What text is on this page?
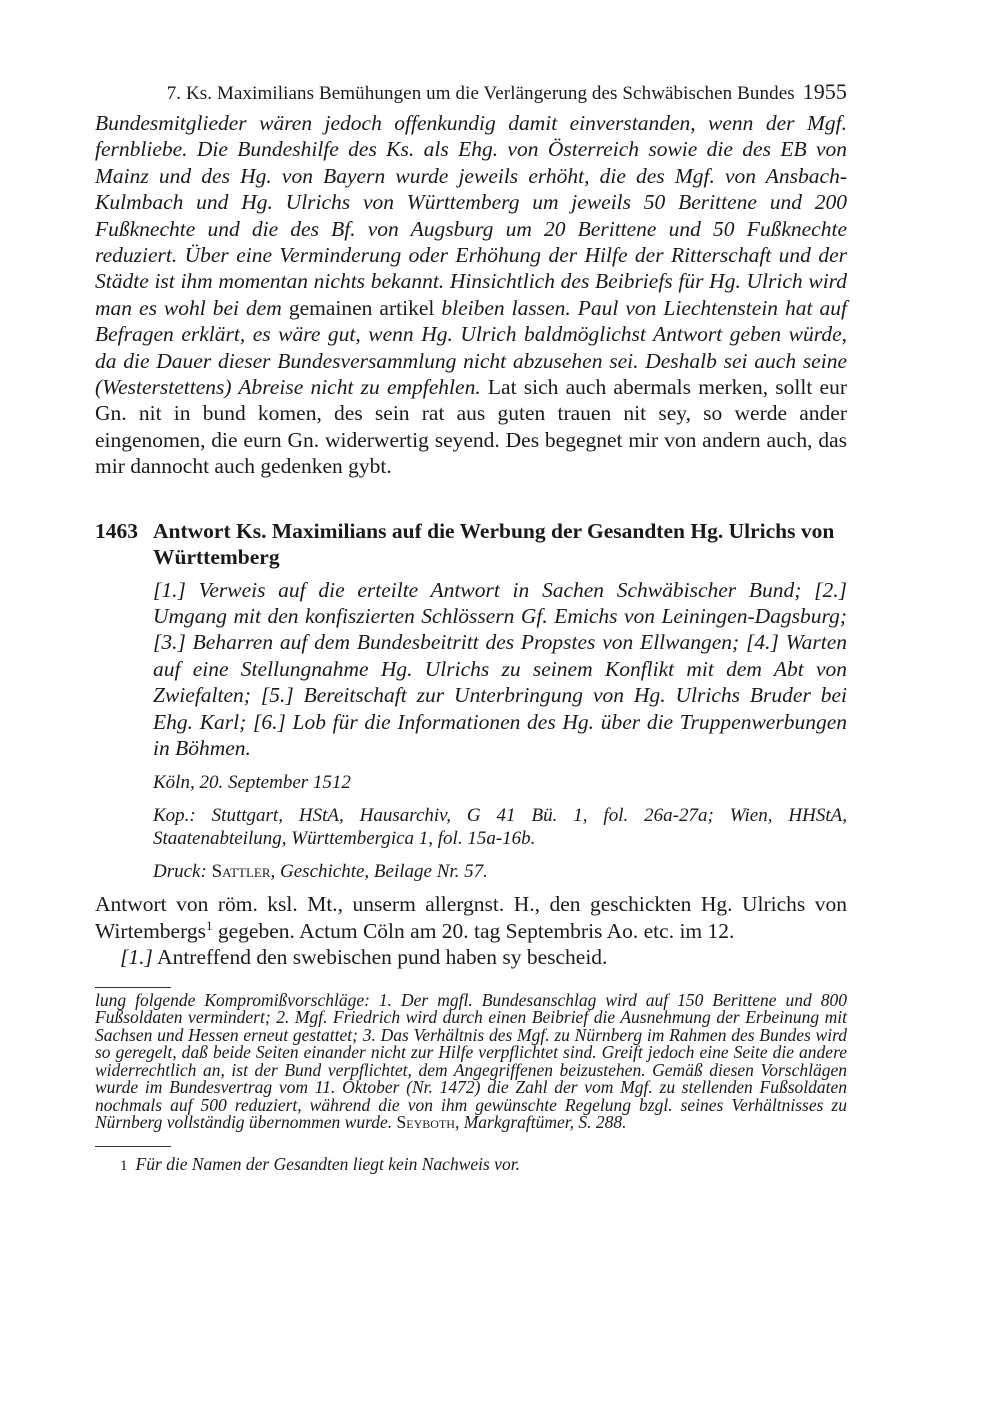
7. Ks. Maximilians Bemühungen um die Verlängerung des Schwäbischen Bundes 1955

Bundesmitglieder wären jedoch offenkundig damit einverstanden, wenn der Mgf. fernbliebe. Die Bundeshilfe des Ks. als Ehg. von Österreich sowie die des EB von Mainz und des Hg. von Bayern wurde jeweils erhöht, die des Mgf. von Ansbach-Kulmbach und Hg. Ulrichs von Württemberg um jeweils 50 Berittene und 200 Fußknechte und die des Bf. von Augsburg um 20 Berittene und 50 Fußknechte reduziert. Über eine Verminderung oder Erhöhung der Hilfe der Ritterschaft und der Städte ist ihm momentan nichts bekannt. Hinsichtlich des Beibriefs für Hg. Ulrich wird man es wohl bei dem gemainen artikel bleiben lassen. Paul von Liechtenstein hat auf Befragen erklärt, es wäre gut, wenn Hg. Ulrich baldmöglichst Antwort geben würde, da die Dauer dieser Bundesversammlung nicht abzusehen sei. Deshalb sei auch seine (Westerstettens) Abreise nicht zu empfehlen. Lat sich auch abermals merken, sollt eur Gn. nit in bund komen, des sein rat aus guten trauen nit sey, so werde ander eingenomen, die eurn Gn. widerwertig seyend. Des begegnet mir von andern auch, das mir dannocht auch gedenken gybt.

1463 Antwort Ks. Maximilians auf die Werbung der Gesandten Hg. Ulrichs von Württemberg

[1.] Verweis auf die erteilte Antwort in Sachen Schwäbischer Bund; [2.] Umgang mit den konfiszierten Schlössern Gf. Emichs von Leiningen-Dagsburg; [3.] Beharren auf dem Bundesbeitritt des Propstes von Ellwangen; [4.] Warten auf eine Stellungnahme Hg. Ulrichs zu seinem Konflikt mit dem Abt von Zwiefalten; [5.] Bereitschaft zur Unterbringung von Hg. Ulrichs Bruder bei Ehg. Karl; [6.] Lob für die Informationen des Hg. über die Truppenwerbungen in Böhmen.

Köln, 20. September 1512

Kop.: Stuttgart, HStA, Hausarchiv, G 41 Bü. 1, fol. 26a-27a; Wien, HHStA, Staatenabteilung, Württembergica 1, fol. 15a-16b.

Druck: Sattler, Geschichte, Beilage Nr. 57.

Antwort von röm. ksl. Mt., unserm allergnst. H., den geschickten Hg. Ulrichs von Wirtembergs$^1$ gegeben. Actum Cöln am 20. tag Septembris Ao. etc. im 12.

[1.] Antreffend den swebischen pund haben sy bescheid.

lung folgende Kompromißvorschläge: 1. Der mgfl. Bundesanschlag wird auf 150 Berittene und 800 Fußsoldaten vermindert; 2. Mgf. Friedrich wird durch einen Beibrief die Ausnehmung der Erbeinung mit Sachsen und Hessen erneut gestattet; 3. Das Verhältnis des Mgf. zu Nürnberg im Rahmen des Bundes wird so geregelt, daß beide Seiten einander nicht zur Hilfe verpflichtet sind. Greift jedoch eine Seite die andere widerrechtlich an, ist der Bund verpflichtet, dem Angegriffenen beizustehen. Gemäß diesen Vorschlägen wurde im Bundesvertrag vom 11. Oktober (Nr. 1472) die Zahl der vom Mgf. zu stellenden Fußsoldaten nochmals auf 500 reduziert, während die von ihm gewünschte Regelung bzgl. seines Verhältnisses zu Nürnberg vollständig übernommen wurde. Seyboth, Markgraftümer, S. 288.

1 Für die Namen der Gesandten liegt kein Nachweis vor.
